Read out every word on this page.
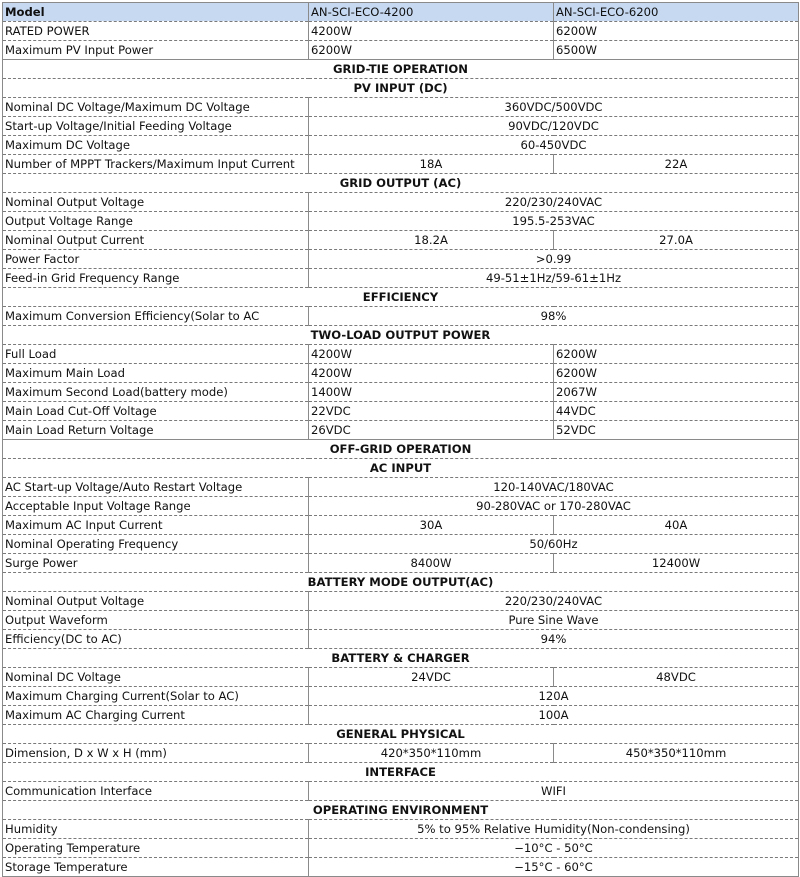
Model	AN-SCI-ECO-4200	AN-SCI-ECO-6200
RATED POWER	4200W	6200W
Maximum PV Input Power	6200W	6500W
GRID-TIE OPERATION		
PV INPUT (DC)		
Nominal DC Voltage/Maximum DC Voltage	360VDC/500VDC	
Start-up Voltage/Initial Feeding Voltage	90VDC/120VDC	
Maximum DC Voltage	60-450VDC	
Number of MPPT Trackers/Maximum Input Current	18A	22A
GRID OUTPUT (AC)		
Nominal Output Voltage	220/230/240VAC	
Output Voltage Range	195.5-253VAC	
Nominal Output Current	18.2A	27.0A
Power Factor	>0.99	
Feed-in Grid Frequency Range	49-51±1Hz/59-61±1Hz	
EFFICIENCY		
Maximum Conversion Efficiency(Solar to AC	98%	
TWO-LOAD OUTPUT POWER		
Full Load	4200W	6200W
Maximum Main Load	4200W	6200W
Maximum Second Load(battery mode)	1400W	2067W
Main Load Cut-Off Voltage	22VDC	44VDC
Main Load Return Voltage	26VDC	52VDC
OFF-GRID OPERATION		
AC INPUT		
AC Start-up Voltage/Auto Restart Voltage	120-140VAC/180VAC	
Acceptable Input Voltage Range	90-280VAC or 170-280VAC	
Maximum AC Input Current	30A	40A
Nominal Operating Frequency	50/60Hz	
Surge Power	8400W	12400W
BATTERY MODE OUTPUT(AC)		
Nominal Output Voltage	220/230/240VAC	
Output Waveform	Pure Sine Wave	
Efficiency(DC to AC)	94%	
BATTERY & CHARGER		
Nominal DC Voltage	24VDC	48VDC
Maximum Charging Current(Solar to AC)	120A	
Maximum AC Charging Current	100A	
GENERAL PHYSICAL		
Dimension, D x W x H (mm)	420*350*110mm	450*350*110mm
INTERFACE		
Communication Interface	WIFI	
OPERATING ENVIRONMENT		
Humidity	5% to 95% Relative Humidity(Non-condensing)	
Operating Temperature	−10°C - 50°C	
Storage Temperature	−15°C - 60°C	
